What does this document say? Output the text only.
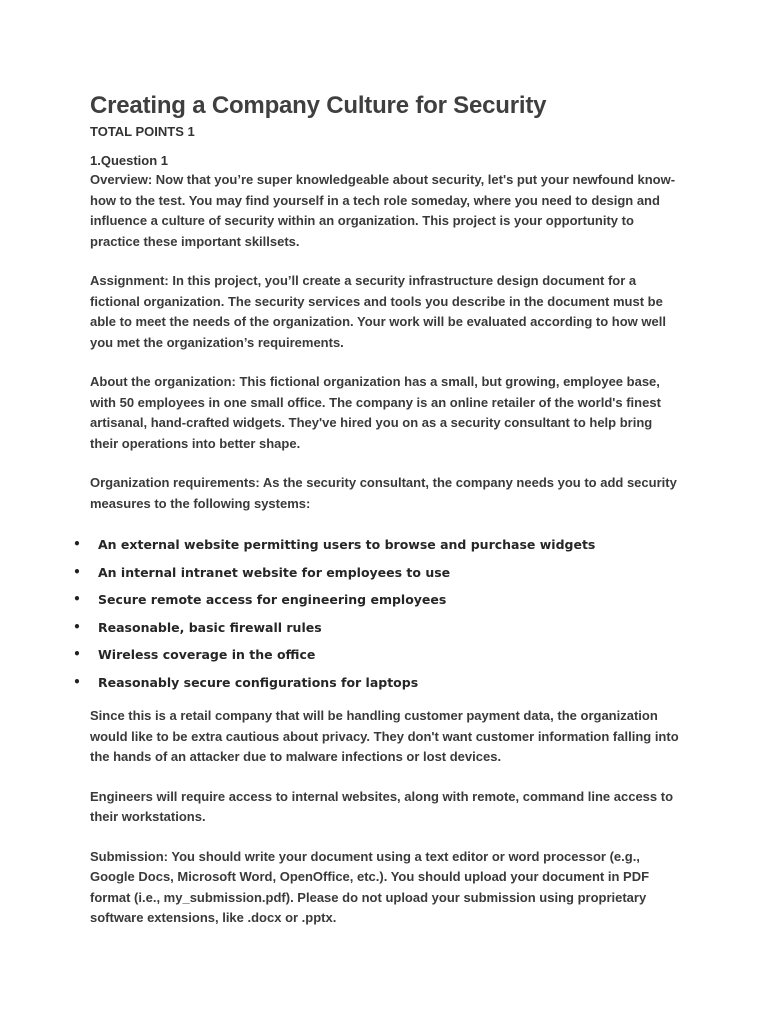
Creating a Company Culture for Security

TOTAL POINTS 1

1.Question 1

Overview: Now that you’re super knowledgeable about security, let's put your newfound know-how to the test. You may find yourself in a tech role someday, where you need to design and influence a culture of security within an organization. This project is your opportunity to practice these important skillsets.

Assignment: In this project, you’ll create a security infrastructure design document for a fictional organization. The security services and tools you describe in the document must be able to meet the needs of the organization. Your work will be evaluated according to how well you met the organization’s requirements.

About the organization: This fictional organization has a small, but growing, employee base, with 50 employees in one small office. The company is an online retailer of the world's finest artisanal, hand-crafted widgets. They've hired you on as a security consultant to help bring their operations into better shape.

Organization requirements: As the security consultant, the company needs you to add security measures to the following systems:

• An external website permitting users to browse and purchase widgets
• An internal intranet website for employees to use
• Secure remote access for engineering employees
• Reasonable, basic firewall rules
• Wireless coverage in the office
• Reasonably secure configurations for laptops

Since this is a retail company that will be handling customer payment data, the organization would like to be extra cautious about privacy. They don't want customer information falling into the hands of an attacker due to malware infections or lost devices.

Engineers will require access to internal websites, along with remote, command line access to their workstations.

Submission: You should write your document using a text editor or word processor (e.g., Google Docs, Microsoft Word, OpenOffice, etc.). You should upload your document in PDF format (i.e., my_submission.pdf). Please do not upload your submission using proprietary software extensions, like .docx or .pptx.
